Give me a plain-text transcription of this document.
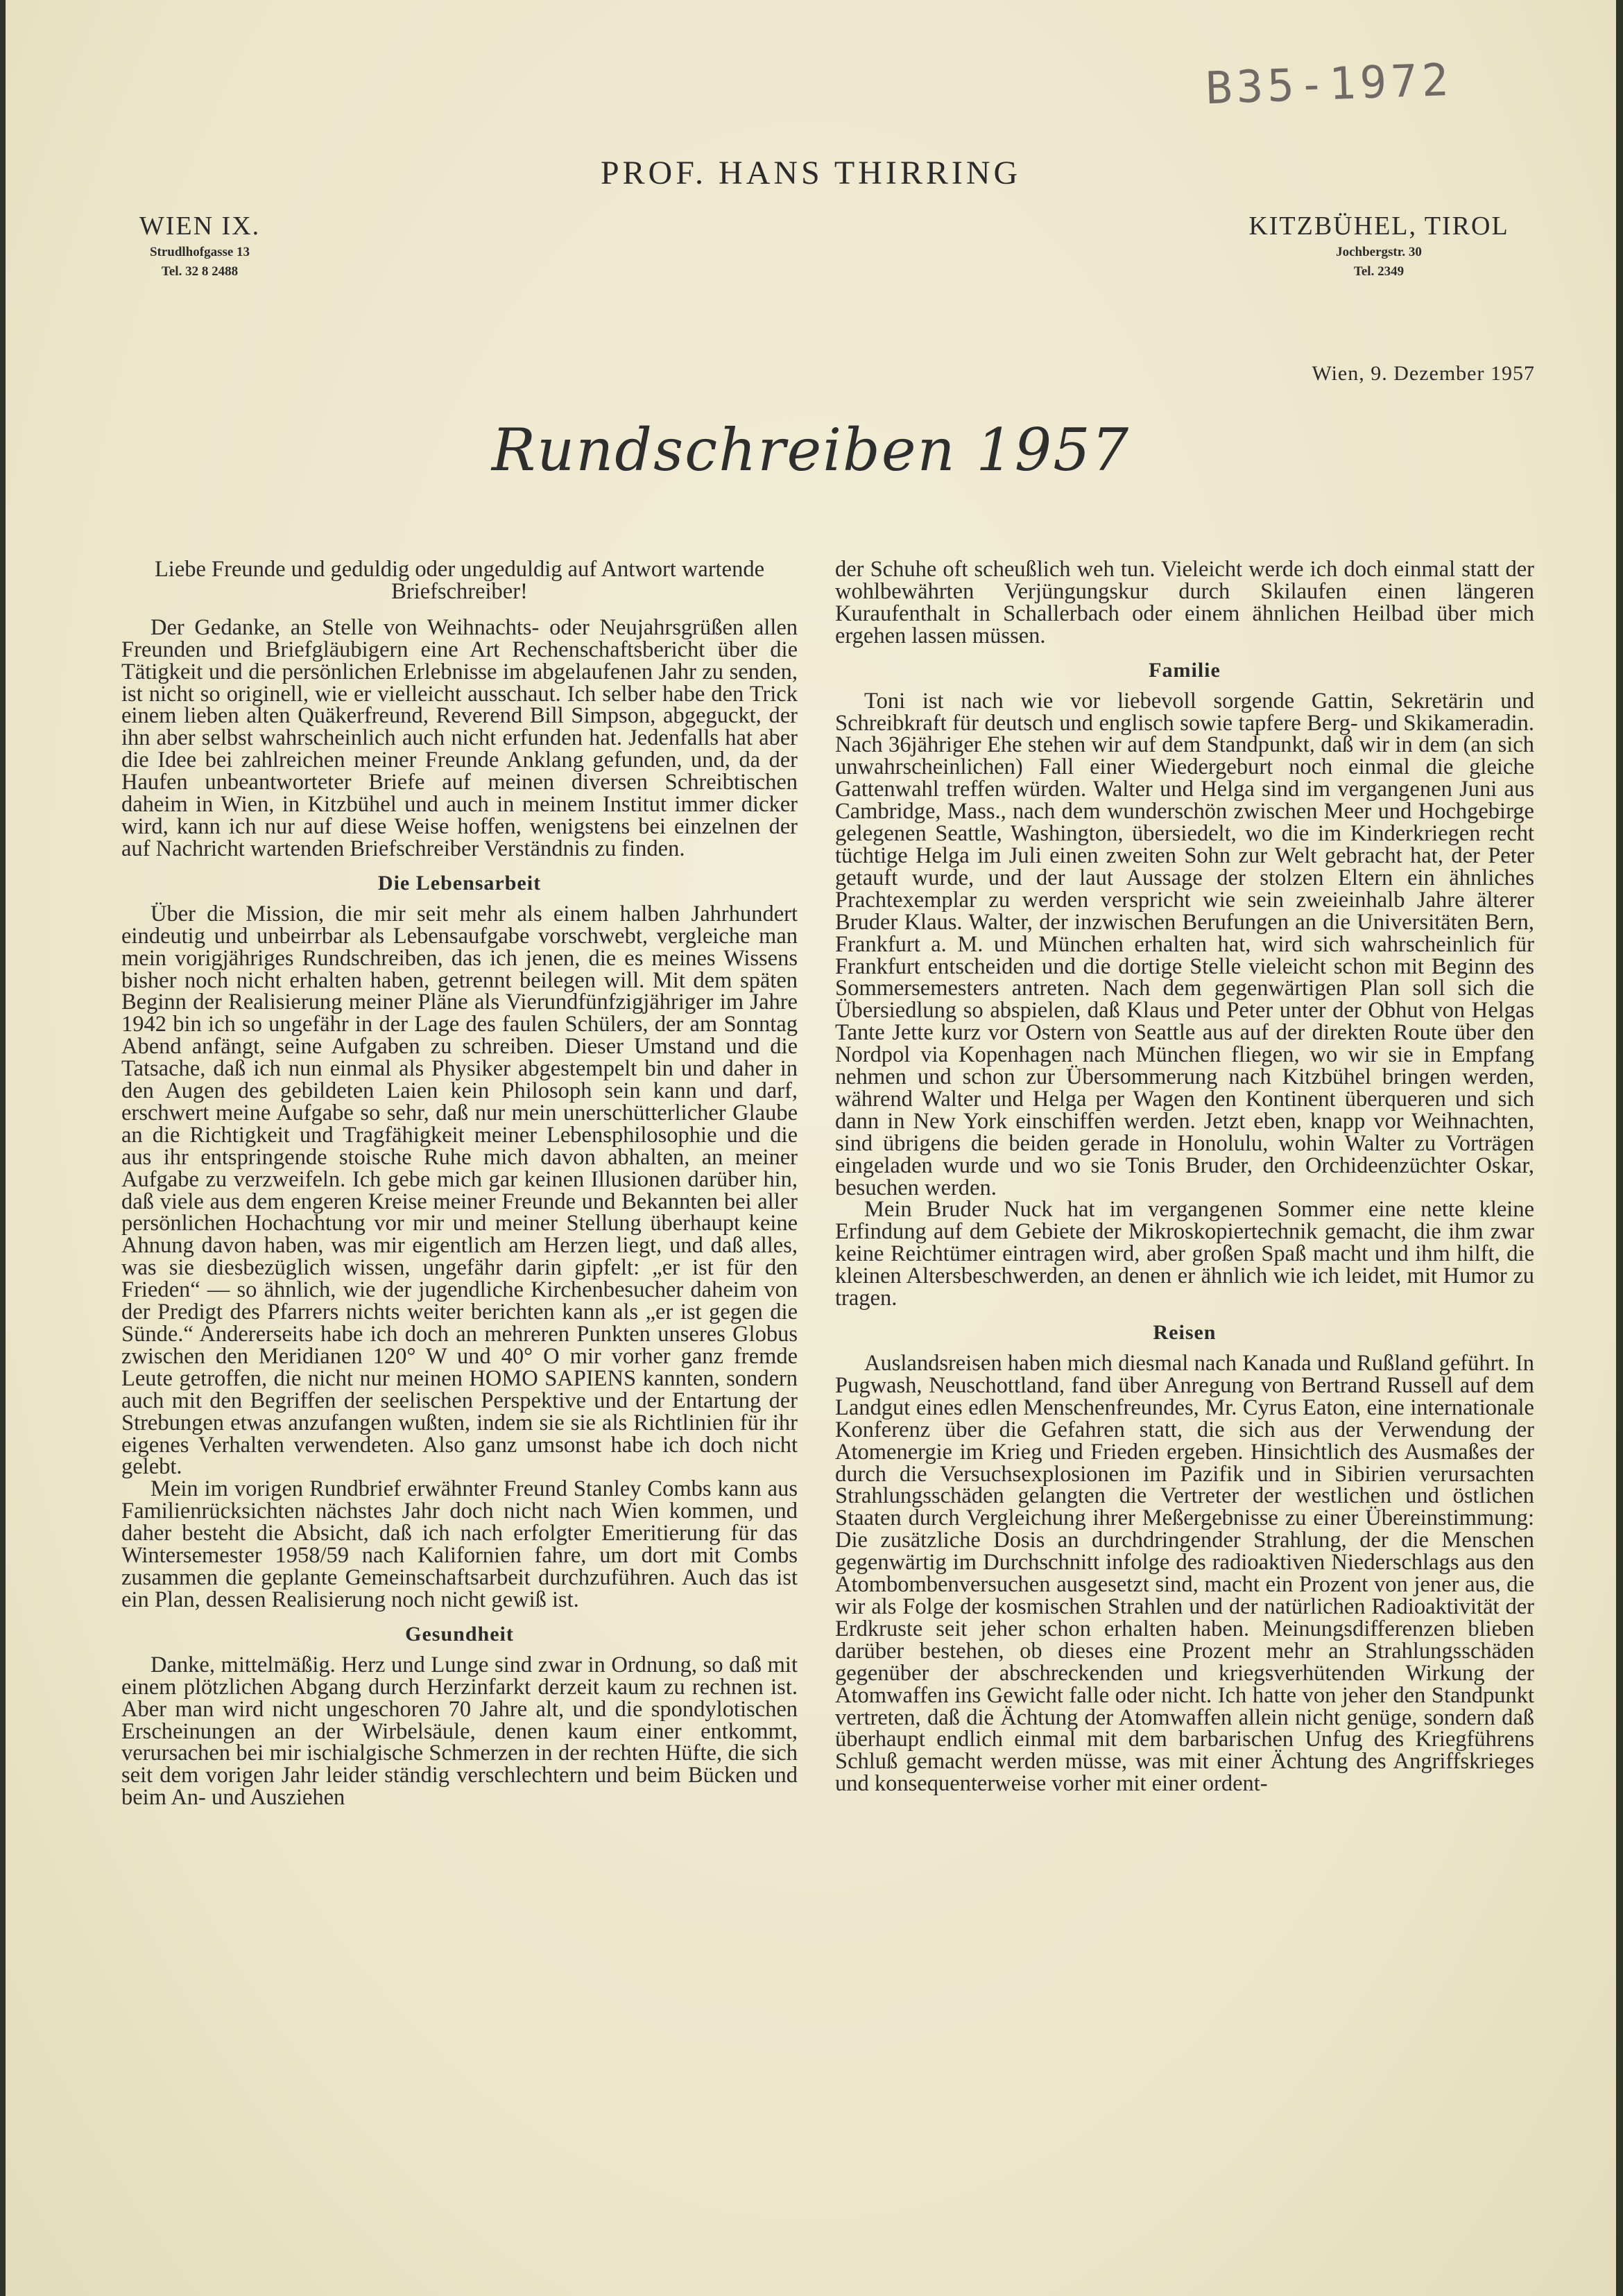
B35-1972
PROF. HANS THIRRING
WIEN IX.
Strudlhofgasse 13
Tel. 32 8 2488
KITZBÜHEL, TIROL
Jochbergstr. 30
Tel. 2349
Wien, 9. Dezember 1957
Rundschreiben 1957

Liebe Freunde und geduldig oder ungeduldig auf Antwort wartende Briefschreiber!

Der Gedanke, an Stelle von Weihnachts- oder Neujahrsgrüßen allen Freunden und Briefgläubigern eine Art Rechenschaftsbericht über die Tätigkeit und die persönlichen Erlebnisse im abgelaufenen Jahr zu senden, ist nicht so originell, wie er vielleicht ausschaut. Ich selber habe den Trick einem lieben alten Quäkerfreund, Reverend Bill Simpson, abgeguckt, der ihn aber selbst wahrscheinlich auch nicht erfunden hat. Jedenfalls hat aber die Idee bei zahlreichen meiner Freunde Anklang gefunden, und, da der Haufen unbeantworteter Briefe auf meinen diversen Schreibtischen daheim in Wien, in Kitzbühel und auch in meinem Institut immer dicker wird, kann ich nur auf diese Weise hoffen, wenigstens bei einzelnen der auf Nachricht wartenden Briefschreiber Verständnis zu finden.

Die Lebensarbeit

Über die Mission, die mir seit mehr als einem halben Jahrhundert eindeutig und unbeirrbar als Lebensaufgabe vorschwebt, vergleiche man mein vorigjähriges Rundschreiben, das ich jenen, die es meines Wissens bisher noch nicht erhalten haben, getrennt beilegen will. Mit dem späten Beginn der Realisierung meiner Pläne als Vierundfünfzigjähriger im Jahre 1942 bin ich so ungefähr in der Lage des faulen Schülers, der am Sonntag Abend anfängt, seine Aufgaben zu schreiben. Dieser Umstand und die Tatsache, daß ich nun einmal als Physiker abgestempelt bin und daher in den Augen des gebildeten Laien kein Philosoph sein kann und darf, erschwert meine Aufgabe so sehr, daß nur mein unerschütterlicher Glaube an die Richtigkeit und Tragfähigkeit meiner Lebensphilosophie und die aus ihr entspringende stoische Ruhe mich davon abhalten, an meiner Aufgabe zu verzweifeln. Ich gebe mich gar keinen Illusionen darüber hin, daß viele aus dem engeren Kreise meiner Freunde und Bekannten bei aller persönlichen Hochachtung vor mir und meiner Stellung überhaupt keine Ahnung davon haben, was mir eigentlich am Herzen liegt, und daß alles, was sie diesbezüglich wissen, ungefähr darin gipfelt: „er ist für den Frieden“ — so ähnlich, wie der jugendliche Kirchenbesucher daheim von der Predigt des Pfarrers nichts weiter berichten kann als „er ist gegen die Sünde.“ Andererseits habe ich doch an mehreren Punkten unseres Globus zwischen den Meridianen 120° W und 40° O mir vorher ganz fremde Leute getroffen, die nicht nur meinen HOMO SAPIENS kannten, sondern auch mit den Begriffen der seelischen Perspektive und der Entartung der Strebungen etwas anzufangen wußten, indem sie sie als Richtlinien für ihr eigenes Verhalten verwendeten. Also ganz umsonst habe ich doch nicht gelebt.

Mein im vorigen Rundbrief erwähnter Freund Stanley Combs kann aus Familienrücksichten nächstes Jahr doch nicht nach Wien kommen, und daher besteht die Absicht, daß ich nach erfolgter Emeritierung für das Wintersemester 1958/59 nach Kalifornien fahre, um dort mit Combs zusammen die geplante Gemeinschaftsarbeit durchzuführen. Auch das ist ein Plan, dessen Realisierung noch nicht gewiß ist.

Gesundheit

Danke, mittelmäßig. Herz und Lunge sind zwar in Ordnung, so daß mit einem plötzlichen Abgang durch Herzinfarkt derzeit kaum zu rechnen ist. Aber man wird nicht ungeschoren 70 Jahre alt, und die spondylotischen Erscheinungen an der Wirbelsäule, denen kaum einer entkommt, verursachen bei mir ischialgische Schmerzen in der rechten Hüfte, die sich seit dem vorigen Jahr leider ständig verschlechtern und beim Bücken und beim An- und Ausziehen

der Schuhe oft scheußlich weh tun. Vieleicht werde ich doch einmal statt der wohlbewährten Verjüngungskur durch Skilaufen einen längeren Kuraufenthalt in Schallerbach oder einem ähnlichen Heilbad über mich ergehen lassen müssen.

Familie

Toni ist nach wie vor liebevoll sorgende Gattin, Sekretärin und Schreibkraft für deutsch und englisch sowie tapfere Berg- und Skikameradin. Nach 36jähriger Ehe stehen wir auf dem Standpunkt, daß wir in dem (an sich unwahrscheinlichen) Fall einer Wiedergeburt noch einmal die gleiche Gattenwahl treffen würden. Walter und Helga sind im vergangenen Juni aus Cambridge, Mass., nach dem wunderschön zwischen Meer und Hochgebirge gelegenen Seattle, Washington, übersiedelt, wo die im Kinderkriegen recht tüchtige Helga im Juli einen zweiten Sohn zur Welt gebracht hat, der Peter getauft wurde, und der laut Aussage der stolzen Eltern ein ähnliches Prachtexemplar zu werden verspricht wie sein zweieinhalb Jahre älterer Bruder Klaus. Walter, der inzwischen Berufungen an die Universitäten Bern, Frankfurt a. M. und München erhalten hat, wird sich wahrscheinlich für Frankfurt entscheiden und die dortige Stelle vieleicht schon mit Beginn des Sommersemesters antreten. Nach dem gegenwärtigen Plan soll sich die Übersiedlung so abspielen, daß Klaus und Peter unter der Obhut von Helgas Tante Jette kurz vor Ostern von Seattle aus auf der direkten Route über den Nordpol via Kopenhagen nach München fliegen, wo wir sie in Empfang nehmen und schon zur Übersommerung nach Kitzbühel bringen werden, während Walter und Helga per Wagen den Kontinent überqueren und sich dann in New York einschiffen werden. Jetzt eben, knapp vor Weihnachten, sind übrigens die beiden gerade in Honolulu, wohin Walter zu Vorträgen eingeladen wurde und wo sie Tonis Bruder, den Orchideenzüchter Oskar, besuchen werden.

Mein Bruder Nuck hat im vergangenen Sommer eine nette kleine Erfindung auf dem Gebiete der Mikroskopiertechnik gemacht, die ihm zwar keine Reichtümer eintragen wird, aber großen Spaß macht und ihm hilft, die kleinen Altersbeschwerden, an denen er ähnlich wie ich leidet, mit Humor zu tragen.

Reisen

Auslandsreisen haben mich diesmal nach Kanada und Rußland geführt. In Pugwash, Neuschottland, fand über Anregung von Bertrand Russell auf dem Landgut eines edlen Menschenfreundes, Mr. Cyrus Eaton, eine internationale Konferenz über die Gefahren statt, die sich aus der Verwendung der Atomenergie im Krieg und Frieden ergeben. Hinsichtlich des Ausmaßes der durch die Versuchsexplosionen im Pazifik und in Sibirien verursachten Strahlungsschäden gelangten die Vertreter der westlichen und östlichen Staaten durch Vergleichung ihrer Meßergebnisse zu einer Übereinstimmung: Die zusätzliche Dosis an durchdringender Strahlung, der die Menschen gegenwärtig im Durchschnitt infolge des radioaktiven Niederschlags aus den Atombombenversuchen ausgesetzt sind, macht ein Prozent von jener aus, die wir als Folge der kosmischen Strahlen und der natürlichen Radioaktivität der Erdkruste seit jeher schon erhalten haben. Meinungsdifferenzen blieben darüber bestehen, ob dieses eine Prozent mehr an Strahlungsschäden gegenüber der abschreckenden und kriegsverhütenden Wirkung der Atomwaffen ins Gewicht falle oder nicht. Ich hatte von jeher den Standpunkt vertreten, daß die Ächtung der Atomwaffen allein nicht genüge, sondern daß überhaupt endlich einmal mit dem barbarischen Unfug des Kriegführens Schluß gemacht werden müsse, was mit einer Ächtung des Angriffskrieges und konsequenterweise vorher mit einer ordent-
